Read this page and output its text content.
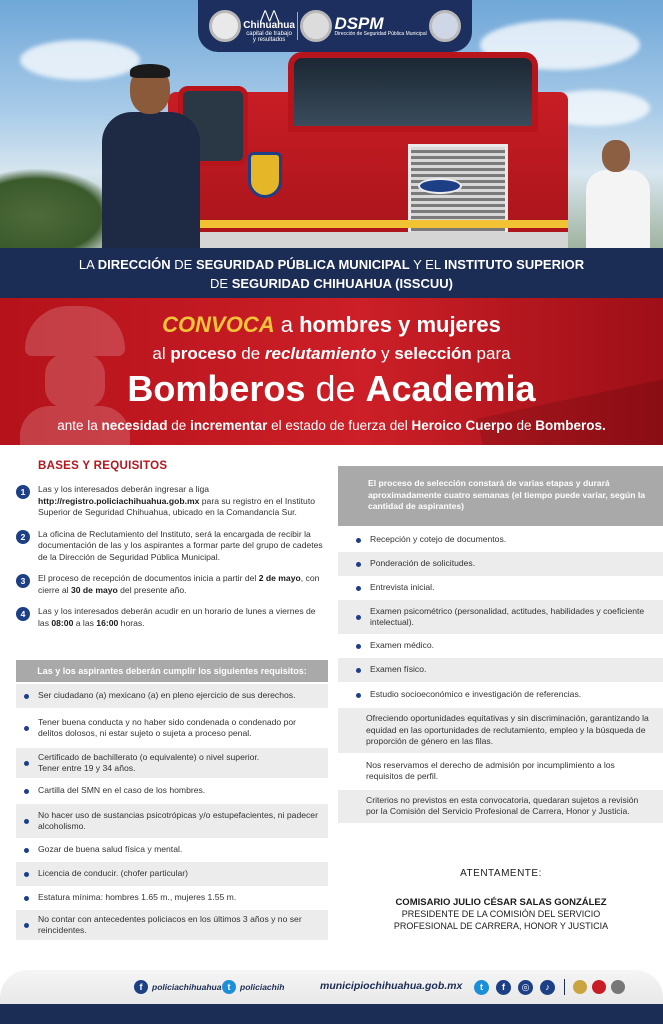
⋀⋀
Chihuahua
capital de trabajo
y resultados
DSPM
Dirección de Seguridad Pública Municipal
LA DIRECCIÓN DE SEGURIDAD PÚBLICA MUNICIPAL Y EL INSTITUTO SUPERIOR
DE SEGURIDAD CHIHUAHUA (ISSCUU)
CONVOCA a hombres y mujeres
al proceso de reclutamiento y selección para
Bomberos de Academia
ante la necesidad de incrementar el estado de fuerza del Heroico Cuerpo de Bomberos.
BASES Y REQUISITOS
1	Las y los interesados deberán ingresar a liga http://registro.policiachihuahua.gob.mx para su registro en el Instituto Superior de Seguridad Chihuahua, ubicado en la Comandancia Sur.
2	La oficina de Reclutamiento del Instituto, será la encargada de recibir la documentación de las y los aspirantes a formar parte del grupo de cadetes de la Dirección de Seguridad Pública Municipal.
3	El proceso de recepción de documentos inicia a partir del 2 de mayo, con cierre al 30 de mayo del presente año.
4	Las y los interesados deberán acudir en un horario de lunes a viernes de las 08:00 a las 16:00 horas.
Las y los aspirantes deberán cumplir los siguientes requisitos:
Ser ciudadano (a) mexicano (a) en pleno ejercicio de sus derechos.
Tener buena conducta y no haber sido condenada o condenado por delitos dolosos, ni estar sujeto o sujeta a proceso penal.
Certificado de bachillerato (o equivalente) o nivel superior.
Tener entre 19 y 34 años.
Cartilla del SMN en el caso de los hombres.
No hacer uso de sustancias psicotrópicas y/o estupefacientes, ni padecer alcoholismo.
Gozar de buena salud física y mental.
Licencia de conducir. (chofer particular)
Estatura mínima: hombres 1.65 m., mujeres 1.55 m.
No contar con antecedentes policiacos en los últimos 3 años y no ser reincidentes.
El proceso de selección constará de varias etapas y durará aproximadamente cuatro semanas (el tiempo puede variar, según la cantidad de aspirantes)
Recepción y cotejo de documentos.
Ponderación de solicitudes.
Entrevista inicial.
Examen psicométrico (personalidad, actitudes, habilidades y coeficiente intelectual).
Examen médico.
Examen físico.
Estudio socioeconómico e investigación de referencias.
Ofreciendo oportunidades equitativas y sin discriminación, garantizando la equidad en las oportunidades de reclutamiento, empleo y la búsqueda de proporción de género en las filas.
Nos reservamos el derecho de admisión por incumplimiento a los requisitos de perfil.
Criterios no previstos en esta convocatoria, quedaran sujetos a revisión por la Comisión del Servicio Profesional de Carrera, Honor y Justicia.
ATENTAMENTE:
COMISARIO JULIO CÉSAR SALAS GONZÁLEZ
PRESIDENTE DE LA COMISIÓN DEL SERVICIO
PROFESIONAL DE CARRERA, HONOR Y JUSTICIA
f	policiachihuahua t	policiachih	municipiochihuahua.gob.mx	t	f	◎	♪
